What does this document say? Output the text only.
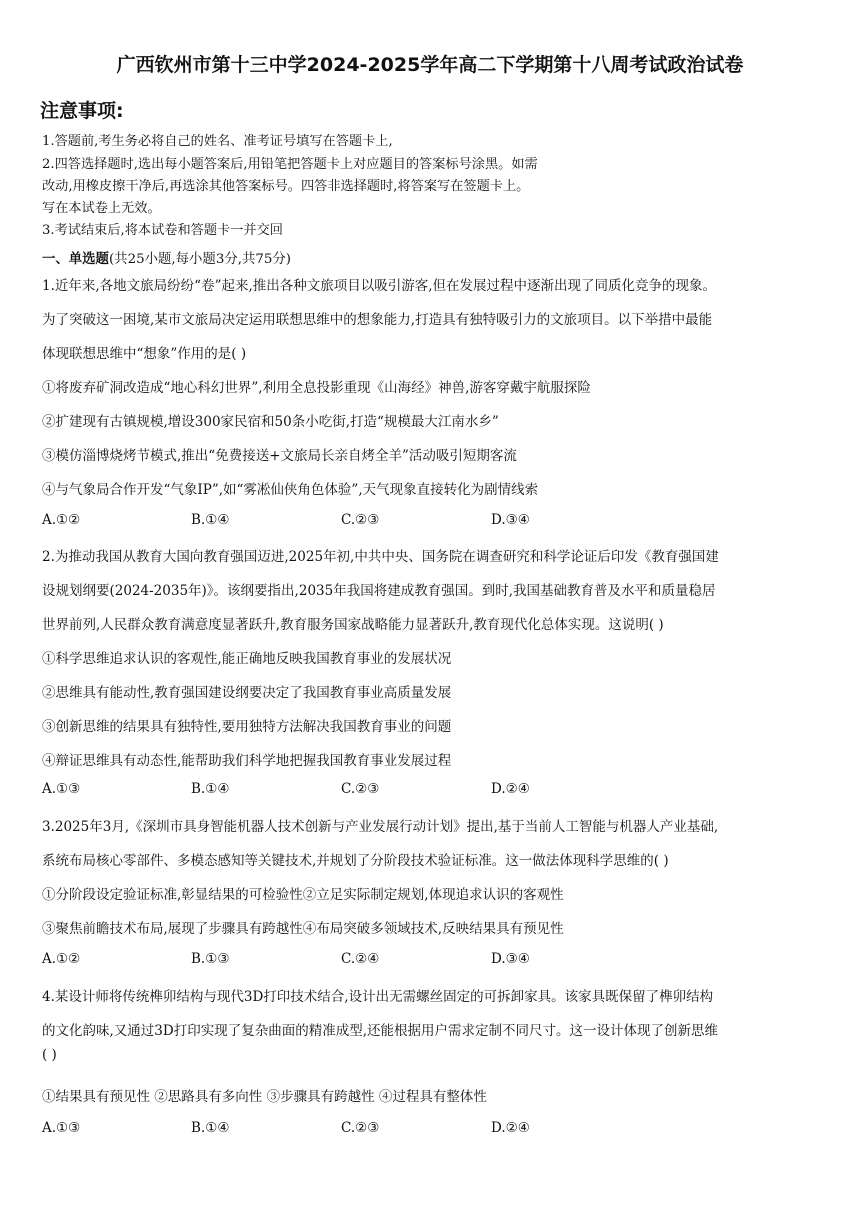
广西钦州市第十三中学2024-2025学年高二下学期第十八周考试政治试卷
注意事项:
1.答题前,考生务必将自己的姓名、准考证号填写在答题卡上,
2.四答选择题时,选出每小题答案后,用铅笔把答题卡上对应题目的答案标号涂黑。如需
改动,用橡皮擦干净后,再选涂其他答案标号。四答非选择题时,将答案写在签题卡上。
写在本试卷上无效。
3.考试结束后,将本试卷和答题卡一并交回
一、单选题(共25小题,每小题3分,共75分)

1.近年来,各地文旅局纷纷“卷”起来,推出各种文旅项目以吸引游客,但在发展过程中逐渐出现了同质化竞争的现象。

为了突破这一困境,某市文旅局决定运用联想思维中的想象能力,打造具有独特吸引力的文旅项目。以下举措中最能

体现联想思维中“想象”作用的是( )

①将废弃矿洞改造成“地心科幻世界”,利用全息投影重现《山海经》神兽,游客穿戴宇航服探险

②扩建现有古镇规模,增设300家民宿和50条小吃街,打造“规模最大江南水乡”

③模仿淄博烧烤节模式,推出“免费接送+文旅局长亲自烤全羊”活动吸引短期客流

④与气象局合作开发“气象IP”,如“雾凇仙侠角色体验”,天气现象直接转化为剧情线索

A.①②	B.①④	C.②③	D.③④

2.为推动我国从教育大国向教育强国迈进,2025年初,中共中央、国务院在调查研究和科学论证后印发《教育强国建

设规划纲要(2024-2035年)》。该纲要指出,2035年我国将建成教育强国。到时,我国基础教育普及水平和质量稳居

世界前列,人民群众教育满意度显著跃升,教育服务国家战略能力显著跃升,教育现代化总体实现。这说明( )

①科学思维追求认识的客观性,能正确地反映我国教育事业的发展状况

②思维具有能动性,教育强国建设纲要决定了我国教育事业高质量发展

③创新思维的结果具有独特性,要用独特方法解决我国教育事业的问题

④辩证思维具有动态性,能帮助我们科学地把握我国教育事业发展过程

A.①③	B.①④	C.②③	D.②④

3.2025年3月,《深圳市具身智能机器人技术创新与产业发展行动计划》提出,基于当前人工智能与机器人产业基础,

系统布局核心零部件、多模态感知等关键技术,并规划了分阶段技术验证标准。这一做法体现科学思维的( )

①分阶段设定验证标准,彰显结果的可检验性②立足实际制定规划,体现追求认识的客观性

③聚焦前瞻技术布局,展现了步骤具有跨越性④布局突破多领域技术,反映结果具有预见性

A.①②	B.①③	C.②④	D.③④

4.某设计师将传统榫卯结构与现代3D打印技术结合,设计出无需螺丝固定的可拆卸家具。该家具既保留了榫卯结构

的文化韵味,又通过3D打印实现了复杂曲面的精准成型,还能根据用户需求定制不同尺寸。这一设计体现了创新思维

( )

①结果具有预见性 ②思路具有多向性 ③步骤具有跨越性 ④过程具有整体性

A.①③	B.①④	C.②③	D.②④
